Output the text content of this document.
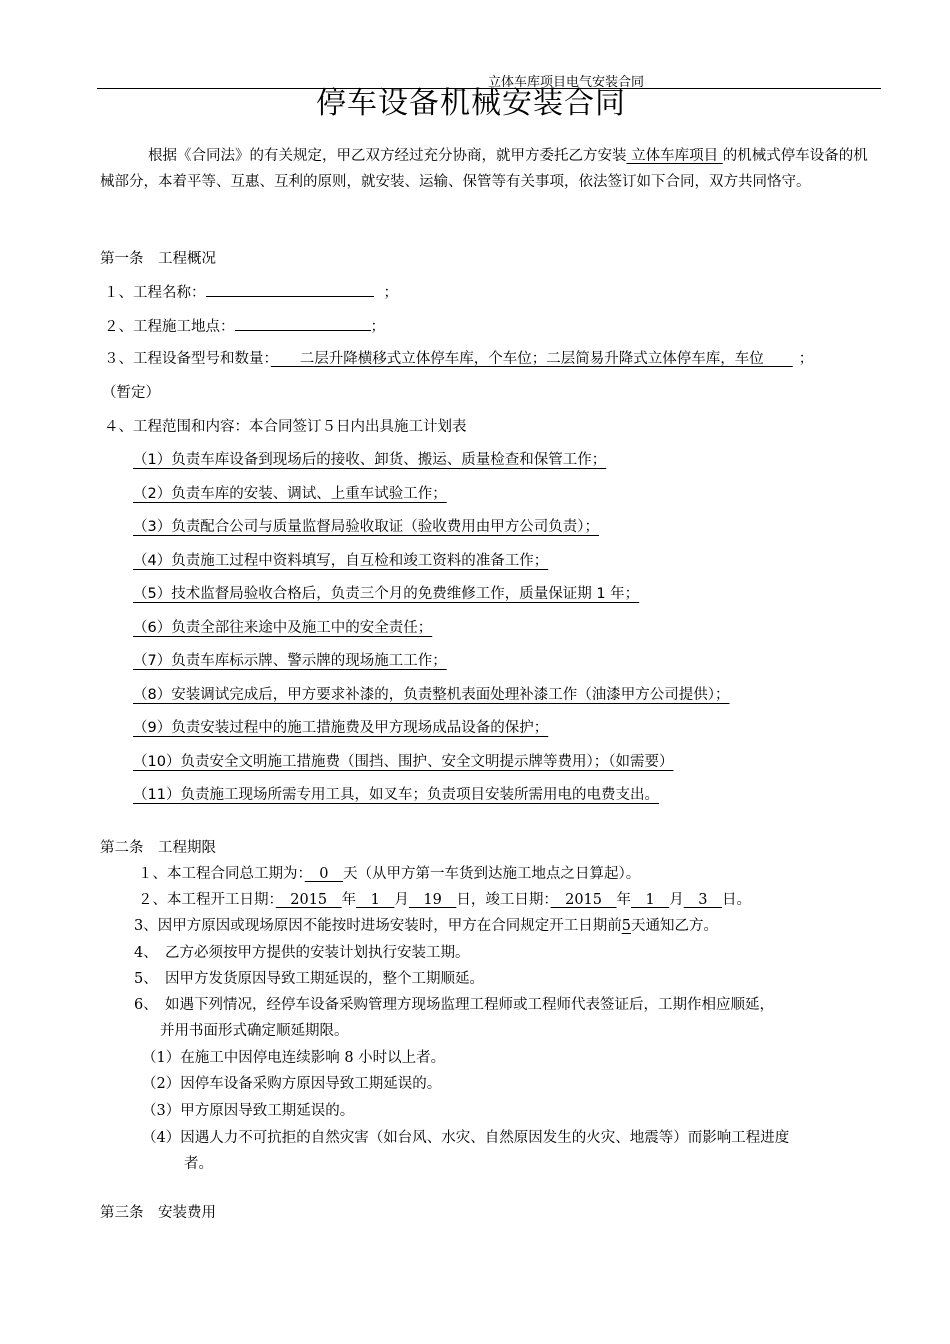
立体车库项目电气安装合同
停车设备机械安装合同
根据《合同法》的有关规定，甲乙双方经过充分协商，就甲方委托乙方安装 立体车库项目 的机械式停车设备的机械部分，本着平等、互惠、互利的原则，就安装、运输、保管等有关事项，依法签订如下合同，双方共同恪守。
第一条　工程概况
１、工程名称：	；
２、工程施工地点：	；
３、工程设备型号和数量：　　二层升降横移式立体停车库，个车位；二层简易升降式立体停车库，车位　　；
（暂定）
４、工程范围和内容：本合同签订５日内出具施工计划表
（1）负责车库设备到现场后的接收、卸货、搬运、质量检查和保管工作；
（2）负责车库的安装、调试、上重车试验工作；
（3）负责配合公司与质量监督局验收取证（验收费用由甲方公司负责）；
（4）负责施工过程中资料填写，自互检和竣工资料的准备工作；
（5）技术监督局验收合格后，负责三个月的免费维修工作，质量保证期 1 年；
（6）负责全部往来途中及施工中的安全责任；
（7）负责车库标示牌、警示牌的现场施工工作；
（8）安装调试完成后，甲方要求补漆的，负责整机表面处理补漆工作（油漆甲方公司提供）；
（9）负责安装过程中的施工措施费及甲方现场成品设备的保护；
（10）负责安全文明施工措施费（围挡、围护、安全文明提示牌等费用）；（如需要）
（11）负责施工现场所需专用工具，如叉车；负责项目安装所需用电的电费支出。
第二条　工程期限
１、本工程合同总工期为：　0　天（从甲方第一车货到达施工地点之日算起）。
２、本工程开工日期：　2015　年　1　月　19　日，竣工日期：　2015　年　1　月　3　日。
3、因甲方原因或现场原因不能按时进场安装时，甲方在合同规定开工日期前5天通知乙方。
4、　乙方必须按甲方提供的安装计划执行安装工期。
5、　因甲方发货原因导致工期延误的，整个工期顺延。
6、　如遇下列情况，经停车设备采购管理方现场监理工程师或工程师代表签证后，工期作相应顺延，
并用书面形式确定顺延期限。
（1）在施工中因停电连续影响 8 小时以上者。
（2）因停车设备采购方原因导致工期延误的。
（3）甲方原因导致工期延误的。
（4）因遇人力不可抗拒的自然灾害（如台风、水灾、自然原因发生的火灾、地震等）而影响工程进度
者。
第三条　安装费用
